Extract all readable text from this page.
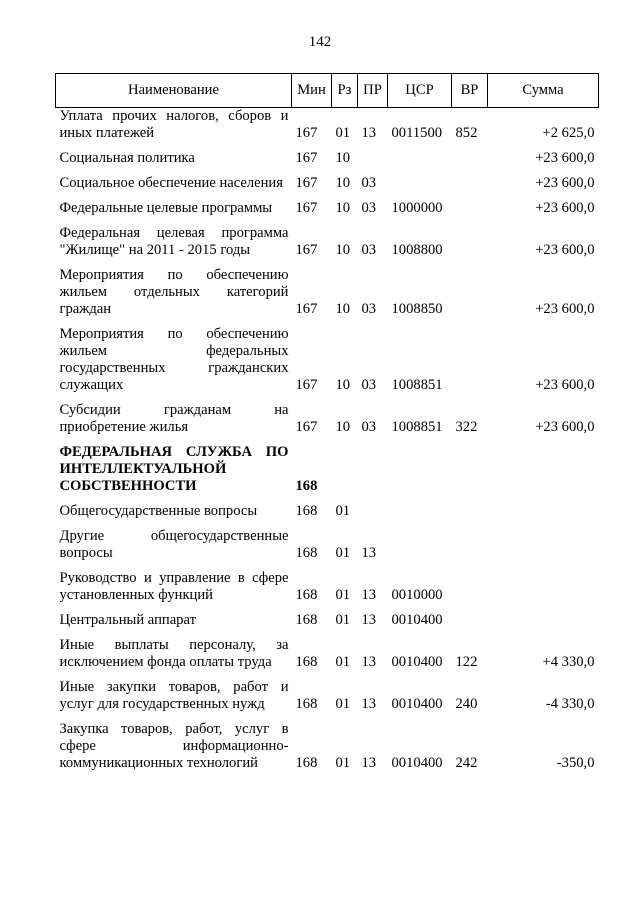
142
Наименование	Мин	Рз	ПР	ЦСР	ВР	Сумма
Уплата прочих налогов, сборов и иных платежей	167	01	13	0011500	852	+2 625,0
Социальная политика	167	10				+23 600,0
Социальное обеспечение населения	167	10	03			+23 600,0
Федеральные целевые программы	167	10	03	1000000		+23 600,0
Федеральная целевая программа "Жилище" на 2011 - 2015 годы	167	10	03	1008800		+23 600,0
Мероприятия по обеспечению жильем отдельных категорий граждан	167	10	03	1008850		+23 600,0
Мероприятия по обеспечению жильем федеральных государственных гражданских служащих	167	10	03	1008851		+23 600,0
Субсидии гражданам на приобретение жилья	167	10	03	1008851	322	+23 600,0
ФЕДЕРАЛЬНАЯ СЛУЖБА ПО ИНТЕЛЛЕКТУАЛЬНОЙ СОБСТВЕННОСТИ	168					
Общегосударственные вопросы	168	01				
Другие общегосударственные вопросы	168	01	13			
Руководство и управление в сфере установленных функций	168	01	13	0010000		
Центральный аппарат	168	01	13	0010400		
Иные выплаты персоналу, за исключением фонда оплаты труда	168	01	13	0010400	122	+4 330,0
Иные закупки товаров, работ и услуг для государственных нужд	168	01	13	0010400	240	-4 330,0
Закупка товаров, работ, услуг в сфере информационно-коммуникационных технологий	168	01	13	0010400	242	-350,0
